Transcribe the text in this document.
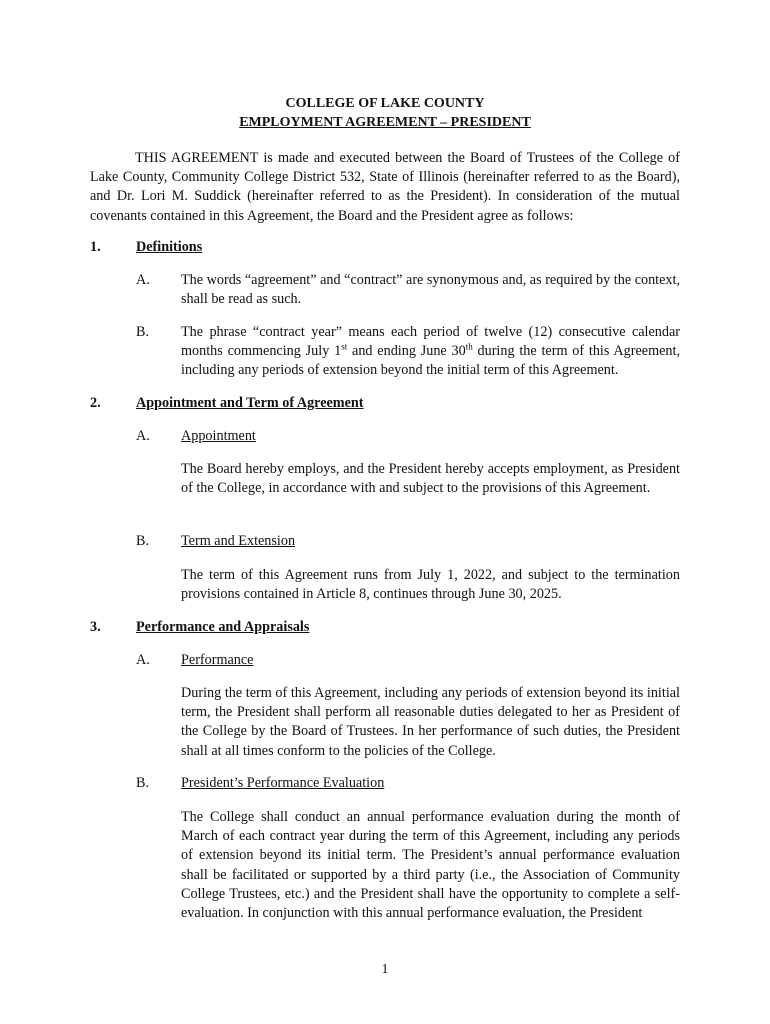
COLLEGE OF LAKE COUNTY
EMPLOYMENT AGREEMENT – PRESIDENT

THIS AGREEMENT is made and executed between the Board of Trustees of the College of Lake County, Community College District 532, State of Illinois (hereinafter referred to as the Board), and Dr. Lori M. Suddick (hereinafter referred to as the President). In consideration of the mutual covenants contained in this Agreement, the Board and the President agree as follows:

1. Definitions
A. The words “agreement” and “contract” are synonymous and, as required by the context, shall be read as such.

B. The phrase “contract year” means each period of twelve (12) consecutive calendar months commencing July 1st and ending June 30th during the term of this Agreement, including any periods of extension beyond the initial term of this Agreement.

2. Appointment and Term of Agreement
A. Appointment

The Board hereby employs, and the President hereby accepts employment, as President of the College, in accordance with and subject to the provisions of this Agreement.

B. Term and Extension

The term of this Agreement runs from July 1, 2022, and subject to the termination provisions contained in Article 8, continues through June 30, 2025.

3. Performance and Appraisals
A. Performance

During the term of this Agreement, including any periods of extension beyond its initial term, the President shall perform all reasonable duties delegated to her as President of the College by the Board of Trustees. In her performance of such duties, the President shall at all times conform to the policies of the College.

B. President’s Performance Evaluation

The College shall conduct an annual performance evaluation during the month of March of each contract year during the term of this Agreement, including any periods of extension beyond its initial term. The President’s annual performance evaluation shall be facilitated or supported by a third party (i.e., the Association of Community College Trustees, etc.) and the President shall have the opportunity to complete a self-evaluation. In conjunction with this annual performance evaluation, the President

1
